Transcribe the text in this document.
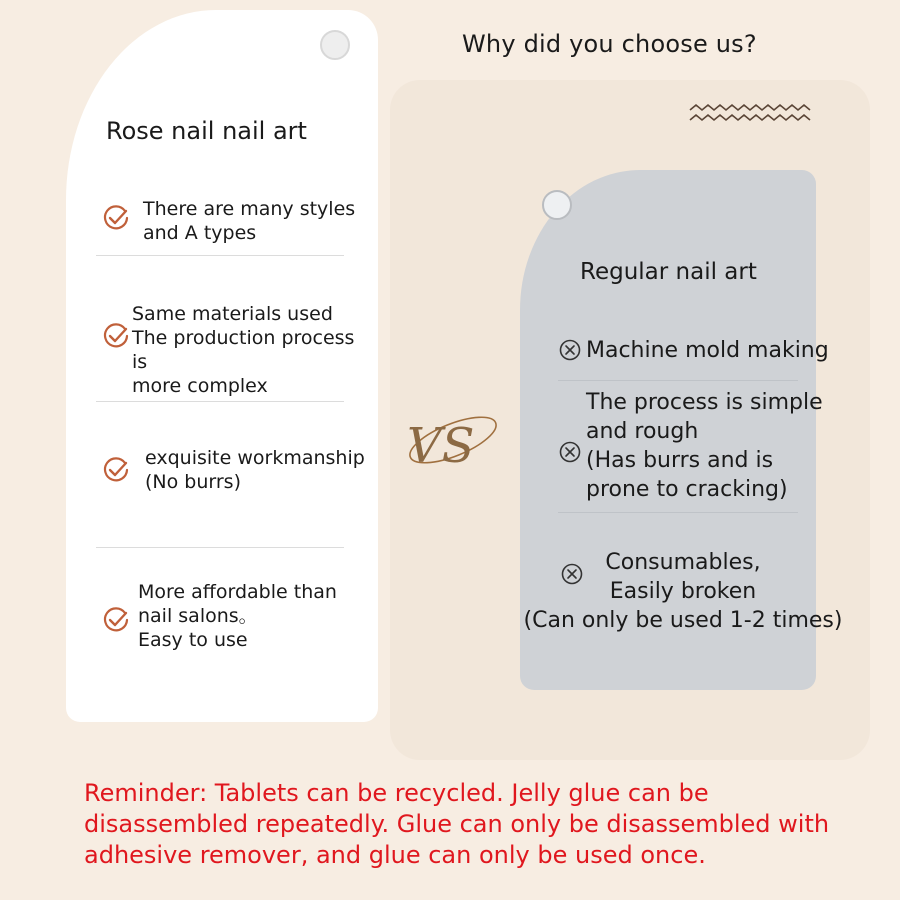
Why did you choose us?
Rose nail nail art
There are many styles
and A types
Same materials used
The production process is
more complex
exquisite workmanship
(No burrs)
More affordable than
nail salons。
Easy to use
VS
Regular nail art
Machine mold making
The process is simple
and rough
(Has burrs and is
prone to cracking)
Consumables,
Easily broken
(Can only be used 1-2 times)
Reminder: Tablets can be recycled. Jelly glue can be disassembled repeatedly. Glue can only be disassembled with adhesive remover, and glue can only be used once.
